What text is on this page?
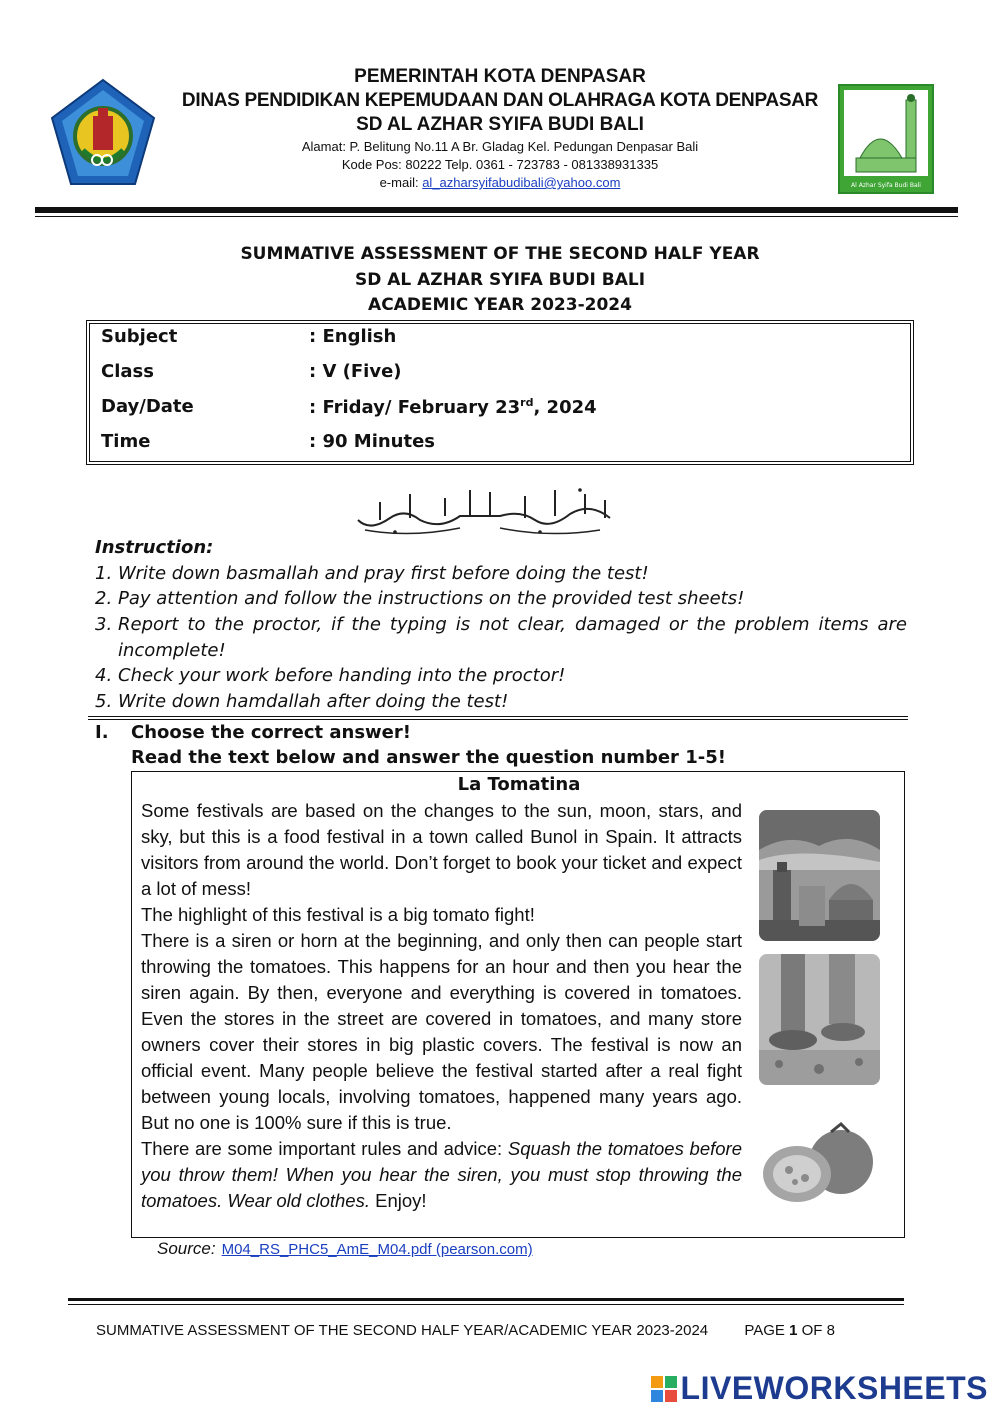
Al Azhar Syifa Budi Bali
PEMERINTAH KOTA DENPASAR
DINAS PENDIDIKAN KEPEMUDAAN DAN OLAHRAGA KOTA DENPASAR
SD AL AZHAR SYIFA BUDI BALI
Alamat: P. Belitung No.11 A Br. Gladag Kel. Pedungan Denpasar Bali
Kode Pos: 80222 Telp. 0361 - 723783 - 081338931335
e-mail: al_azharsyifabudibali@yahoo.com
SUMMATIVE ASSESSMENT OF THE SECOND HALF YEAR
SD AL AZHAR SYIFA BUDI BALI
ACADEMIC YEAR 2023-2024
Subject	: English
Class	: V (Five)
Day/Date	: Friday/ February 23rd, 2024
Time	: 90 Minutes
Instruction:
1. Write down basmallah and pray first before doing the test!
2. Pay attention and follow the instructions on the provided test sheets!
3. Report to the proctor, if the typing is not clear, damaged or the problem items are incomplete!
4. Check your work before handing into the proctor!
5. Write down hamdallah after doing the test!
I. Choose the correct answer!
Read the text below and answer the question number 1-5!
La Tomatina

Some festivals are based on the changes to the sun, moon, stars, and sky, but this is a food festival in a town called Bunol in Spain. It attracts visitors from around the world. Don’t forget to book your ticket and expect a lot of mess!

The highlight of this festival is a big tomato fight!

There is a siren or horn at the beginning, and only then can people start throwing the tomatoes. This happens for an hour and then you hear the siren again. By then, everyone and everything is covered in tomatoes. Even the stores in the street are covered in tomatoes, and many store owners cover their stores in big plastic covers. The festival is now an official event. Many people believe the festival started after a real fight between young locals, involving tomatoes, happened many years ago. But no one is 100% sure if this is true.

There are some important rules and advice: Squash the tomatoes before you throw them! When you hear the siren, you must stop throwing the tomatoes. Wear old clothes. Enjoy!

Source: M04_RS_PHC5_AmE_M04.pdf (pearson.com)
SUMMATIVE ASSESSMENT OF THE SECOND HALF YEAR/ACADEMIC YEAR 2023-2024 PAGE 1 OF 8
LIVEWORKSHEETS
